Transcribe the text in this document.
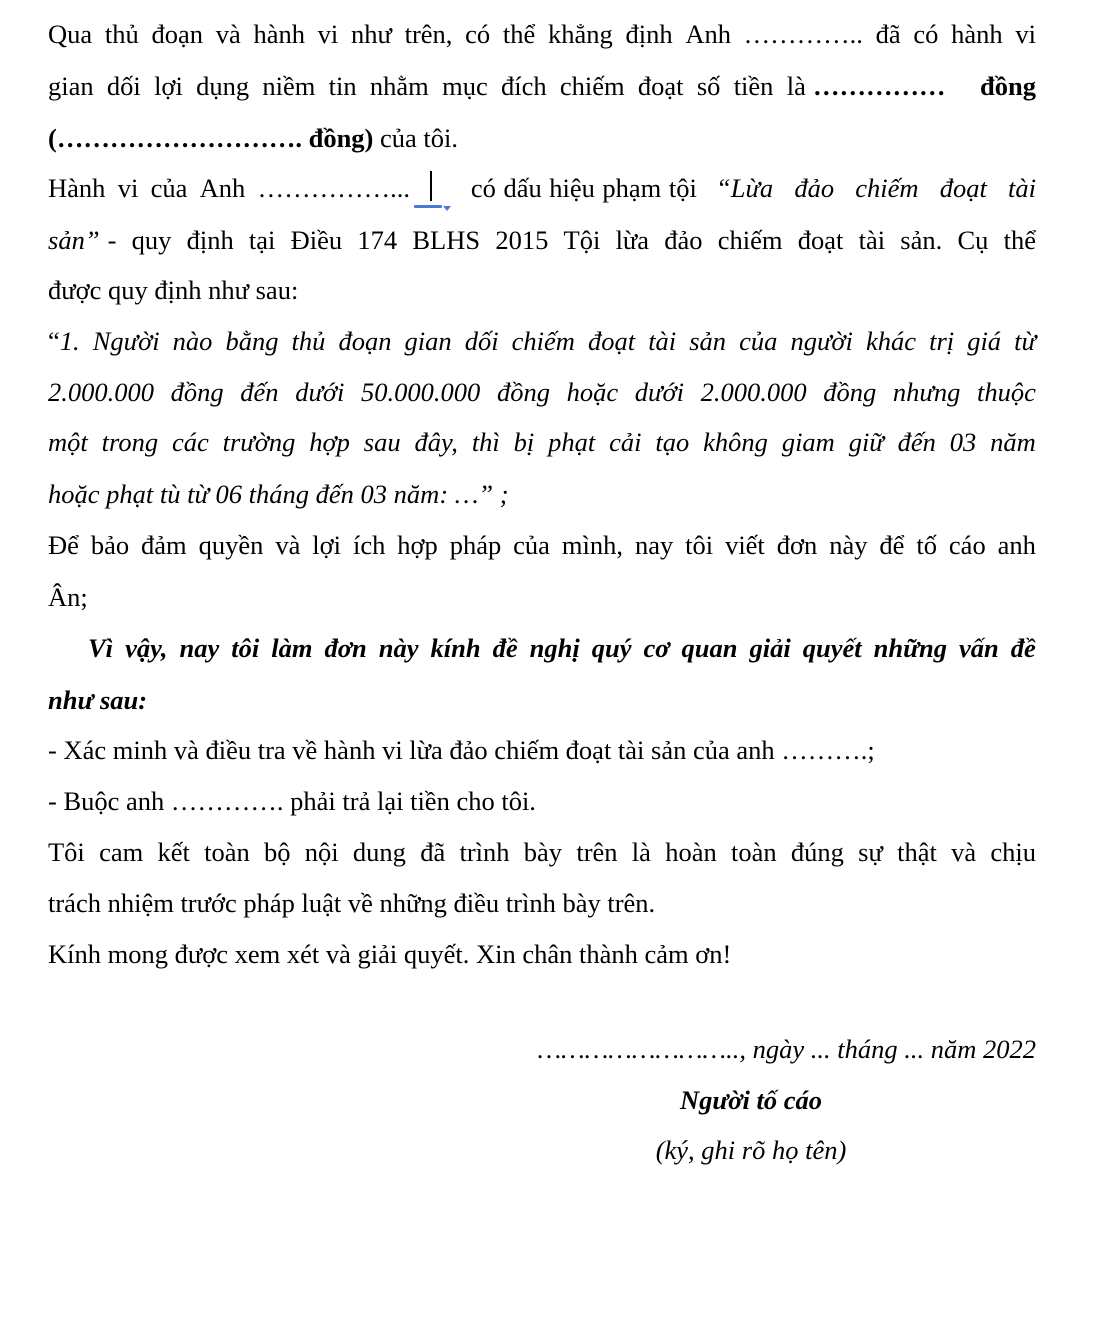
Qua thủ đoạn và hành vi như trên, có thể khẳng định Anh ………….. đã có hành vi
gian dối lợi dụng niềm tin nhằm mục đích chiếm đoạt số tiền là …………… đồng
(………………………. đồng) của tôi.
Hành vi của Anh ……………... có dấu hiệu phạm tội “Lừa đảo chiếm đoạt tài
sản” - quy định tại Điều 174 BLHS 2015 Tội lừa đảo chiếm đoạt tài sản. Cụ thể
được quy định như sau:
“ 1. Người nào bằng thủ đoạn gian dối chiếm đoạt tài sản của người khác trị giá từ
2.000.000 đồng đến dưới 50.000.000 đồng hoặc dưới 2.000.000 đồng nhưng thuộc
một trong các trường hợp sau đây, thì bị phạt cải tạo không giam giữ đến 03 năm
hoặc phạt tù từ 06 tháng đến 03 năm: …” ;
Để bảo đảm quyền và lợi ích hợp pháp của mình, nay tôi viết đơn này để tố cáo anh
Ân;
Vì vậy, nay tôi làm đơn này kính đề nghị quý cơ quan giải quyết những vấn đề
như sau:
- Xác minh và điều tra về hành vi lừa đảo chiếm đoạt tài sản của anh ……….;
- Buộc anh …………. phải trả lại tiền cho tôi.
Tôi cam kết toàn bộ nội dung đã trình bày trên là hoàn toàn đúng sự thật và chịu
trách nhiệm trước pháp luật về những điều trình bày trên.
Kính mong được xem xét và giải quyết. Xin chân thành cảm ơn!
…………………….., ngày ... tháng ... năm 2022
Người tố cáo
(ký, ghi rõ họ tên)
